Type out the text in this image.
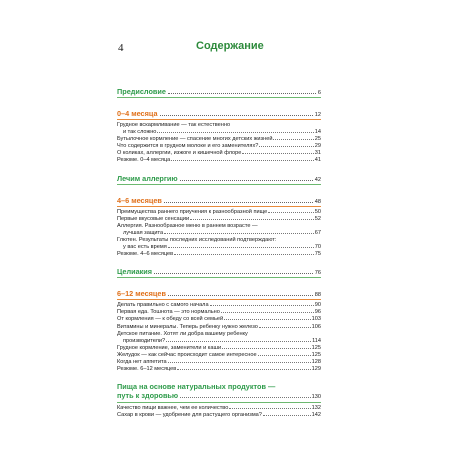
4	Содержание
Предисловие	6
0–4 месяца	12
Грудное вскармливание — так естественно
и так сложно	14
Бутылочное кормление — спасение многих детских жизней	25
Что содержится в грудном молоке и его заменителях?	29
О коликах, аллергии, изжоге и кишечной флоре	31
Резюме. 0–4 месяца	41
Лечим аллергию	42
4–6 месяцев	48
Преимущества раннего приучения к разнообразной пище	50
Первые вкусовые сенсации	52
Аллергия. Разнообразное меню в раннем возрасте —
лучшая защита	67
Глютен. Результаты последних исследований подтверждают:
у вас есть время	70
Резюме. 4–6 месяцев	75
Целиакия	76
6–12 месяцев	88
Делать правильно с самого начала	90
Первая еда. Тошнота — это нормально	96
От кормления — к обеду со всей семьей	103
Витамины и минералы. Теперь ребенку нужно железо	106
Детское питание. Хотят ли добра вашему ребенку
производители?	114
Грудное кормление, заменители и каши	125
Желудок — как сейчас происходит самое интересное	125
Когда нет аппетита	128
Резюме. 6–12 месяцев	129
Пища на основе натуральных продуктов —
путь к здоровью	130
Качество пищи важнее, чем ее количество	132
Сахар в крови — удобрение для растущего организма?	142
